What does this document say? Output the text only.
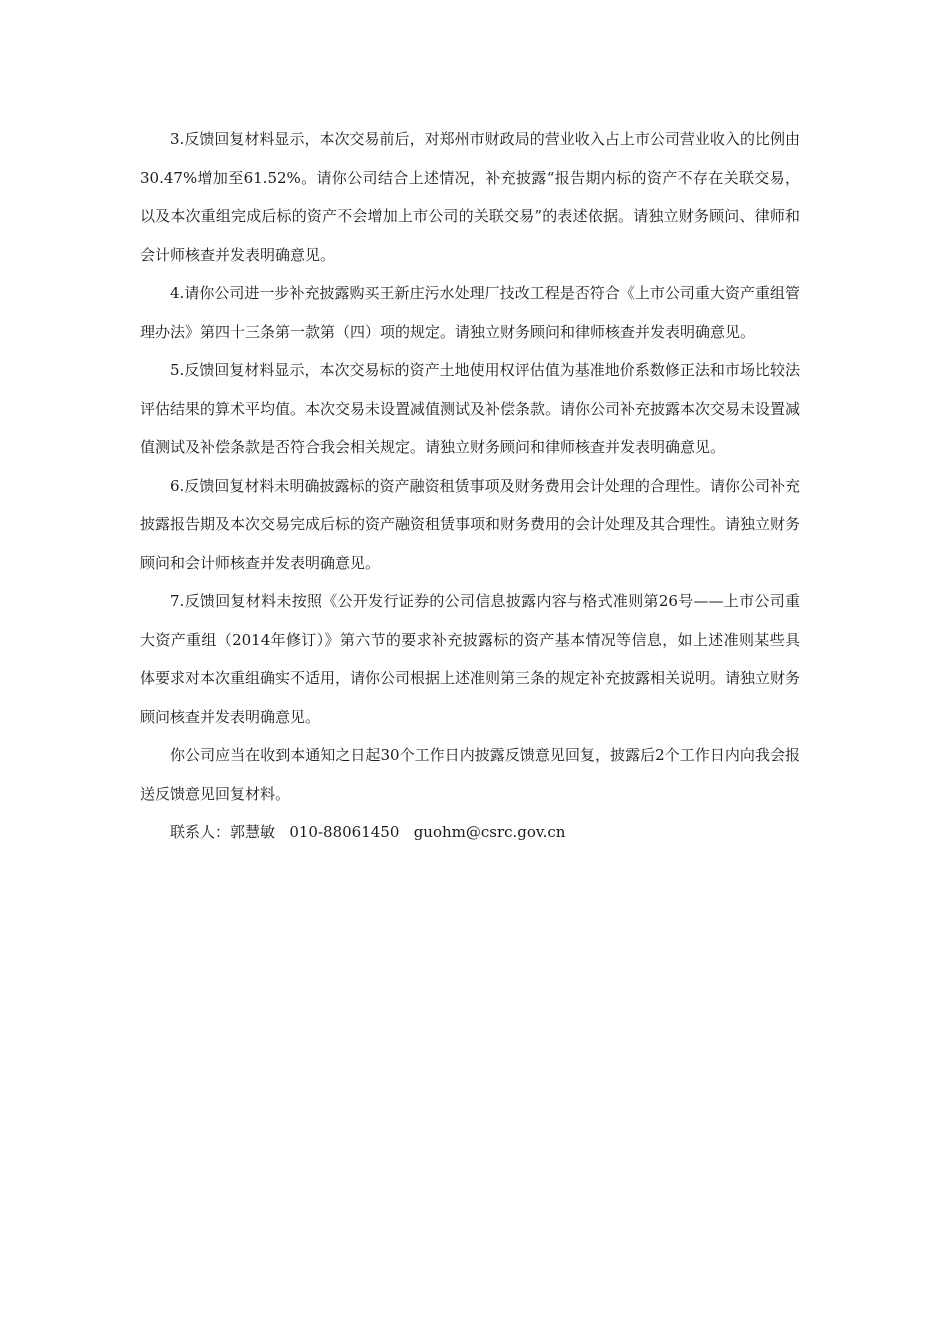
3.反馈回复材料显示，本次交易前后，对郑州市财政局的营业收入占上市公司营业收入的比例由30.47%增加至61.52%。请你公司结合上述情况，补充披露“报告期内标的资产不存在关联交易，以及本次重组完成后标的资产不会增加上市公司的关联交易”的表述依据。请独立财务顾问、律师和会计师核查并发表明确意见。

4.请你公司进一步补充披露购买王新庄污水处理厂技改工程是否符合《上市公司重大资产重组管理办法》第四十三条第一款第（四）项的规定。请独立财务顾问和律师核查并发表明确意见。

5.反馈回复材料显示，本次交易标的资产土地使用权评估值为基准地价系数修正法和市场比较法评估结果的算术平均值。本次交易未设置减值测试及补偿条款。请你公司补充披露本次交易未设置减值测试及补偿条款是否符合我会相关规定。请独立财务顾问和律师核查并发表明确意见。

6.反馈回复材料未明确披露标的资产融资租赁事项及财务费用会计处理的合理性。请你公司补充披露报告期及本次交易完成后标的资产融资租赁事项和财务费用的会计处理及其合理性。请独立财务顾问和会计师核查并发表明确意见。

7.反馈回复材料未按照《公开发行证券的公司信息披露内容与格式准则第26号——上市公司重大资产重组（2014年修订）》第六节的要求补充披露标的资产基本情况等信息，如上述准则某些具体要求对本次重组确实不适用，请你公司根据上述准则第三条的规定补充披露相关说明。请独立财务顾问核查并发表明确意见。

你公司应当在收到本通知之日起30个工作日内披露反馈意见回复，披露后2个工作日内向我会报送反馈意见回复材料。

联系人：郭慧敏 010-88061450 guohm@csrc.gov.cn
